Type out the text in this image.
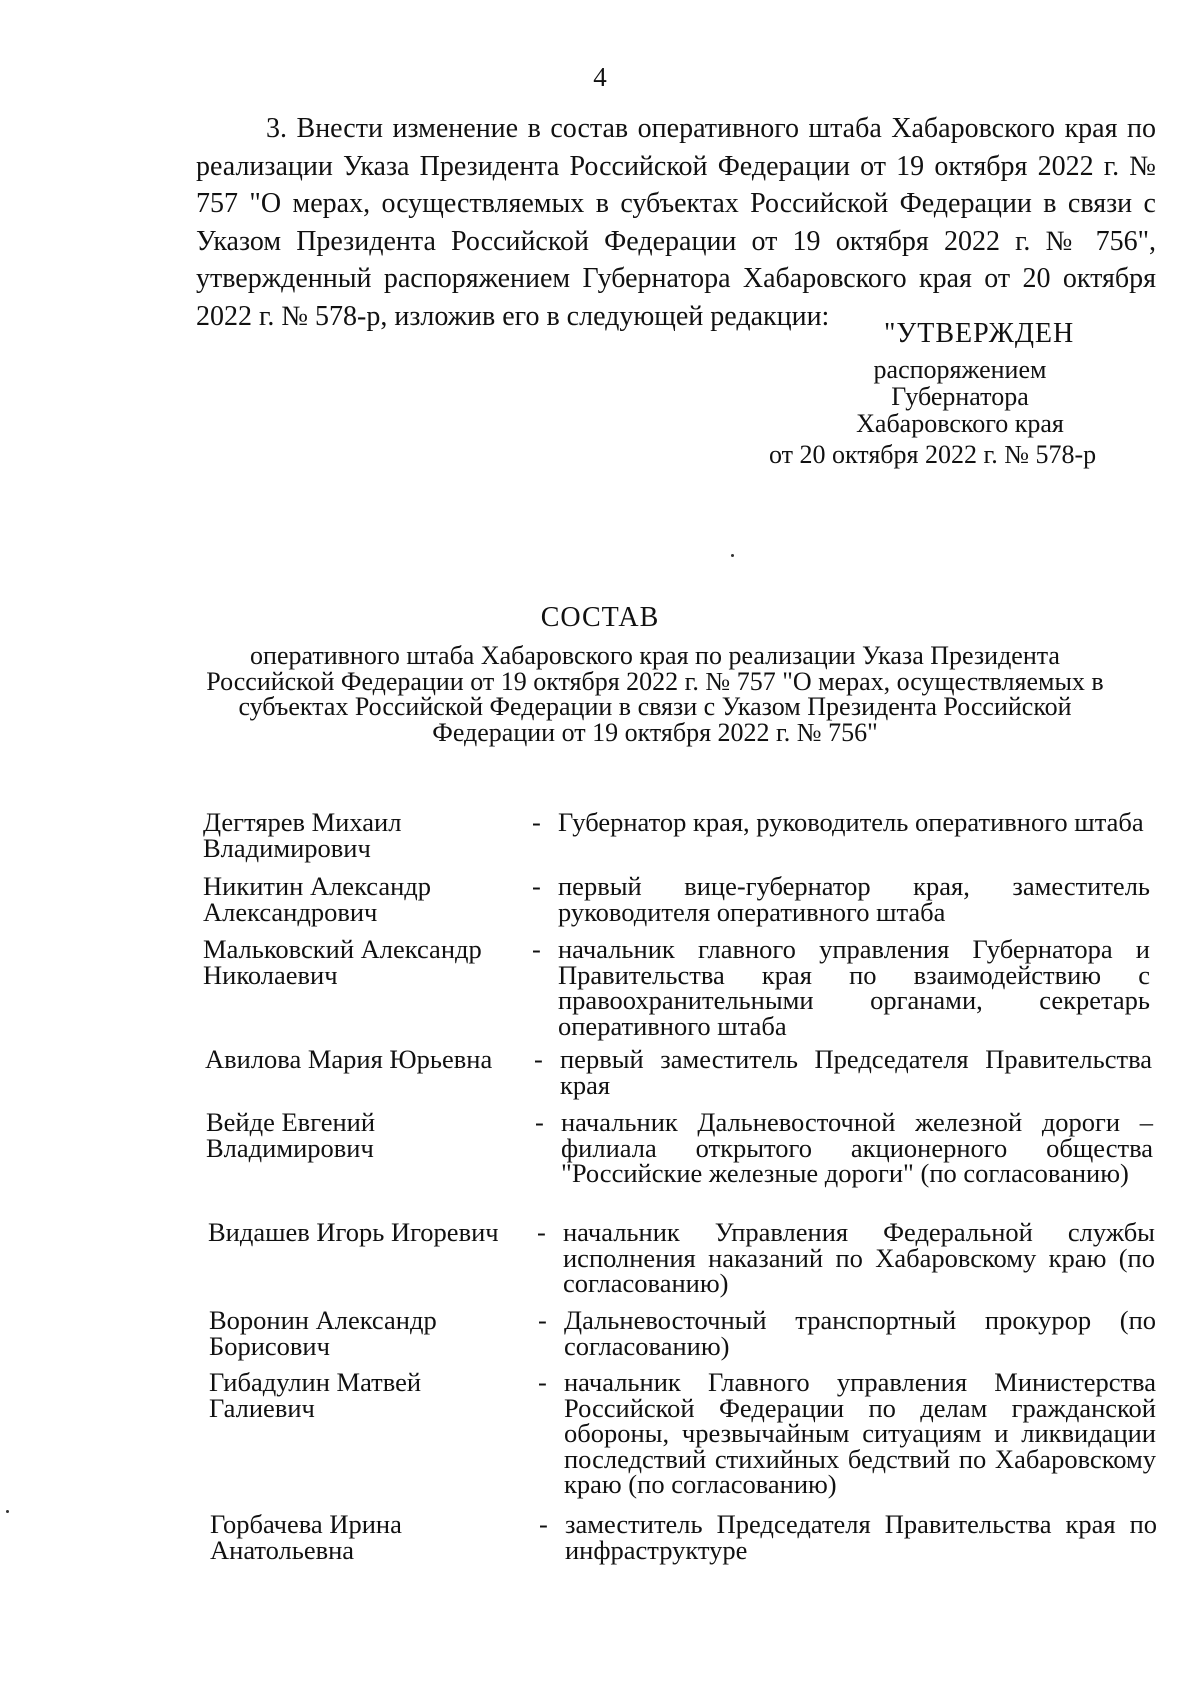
4

3. Внести изменение в состав оперативного штаба Хабаровского края по реализации Указа Президента Российской Федерации от 19 октября 2022 г. № 757 "О мерах, осуществляемых в субъектах Российской Федерации в связи с Указом Президента Российской Федерации от 19 октября 2022 г. № 756", утвержденный распоряжением Губернатора Хабаровского края от 20 октября 2022 г. № 578-р, изложив его в следующей редакции:

"УТВЕРЖДЕН
распоряжением
Губернатора
Хабаровского края
от 20 октября 2022 г. № 578-р
СОСТАВ
оперативного штаба Хабаровского края по реализации Указа Президента Российской Федерации от 19 октября 2022 г. № 757 "О мерах, осуществляемых в субъектах Российской Федерации в связи с Указом Президента Российской Федерации от 19 октября 2022 г. № 756"
Дегтярев Михаил Владимирович
- Губернатор края, руководитель оперативного штаба
Никитин Александр Александрович
- первый вице-губернатор края, заместитель руководителя оперативного штаба
Мальковский Александр Николаевич
- начальник главного управления Губернатора и Правительства края по взаимодействию с правоохранительными органами, секретарь оперативного штаба
Авилова Мария Юрьевна	- первый заместитель Председателя Правительства края
Вейде Евгений Владимирович
- начальник Дальневосточной железной дороги – филиала открытого акционерного общества "Российские железные дороги" (по согласованию)
Видашев Игорь Игоревич	- начальник Управления Федеральной службы исполнения наказаний по Хабаровскому краю (по согласованию)
Воронин Александр Борисович
- Дальневосточный транспортный прокурор (по согласованию)
Гибадулин Матвей Галиевич
- начальник Главного управления Министерства Российской Федерации по делам гражданской обороны, чрезвычайным ситуациям и ликвидации последствий стихийных бедствий по Хабаровскому краю (по согласованию)
Горбачева Ирина Анатольевна
- заместитель Председателя Правительства края по инфраструктуре
